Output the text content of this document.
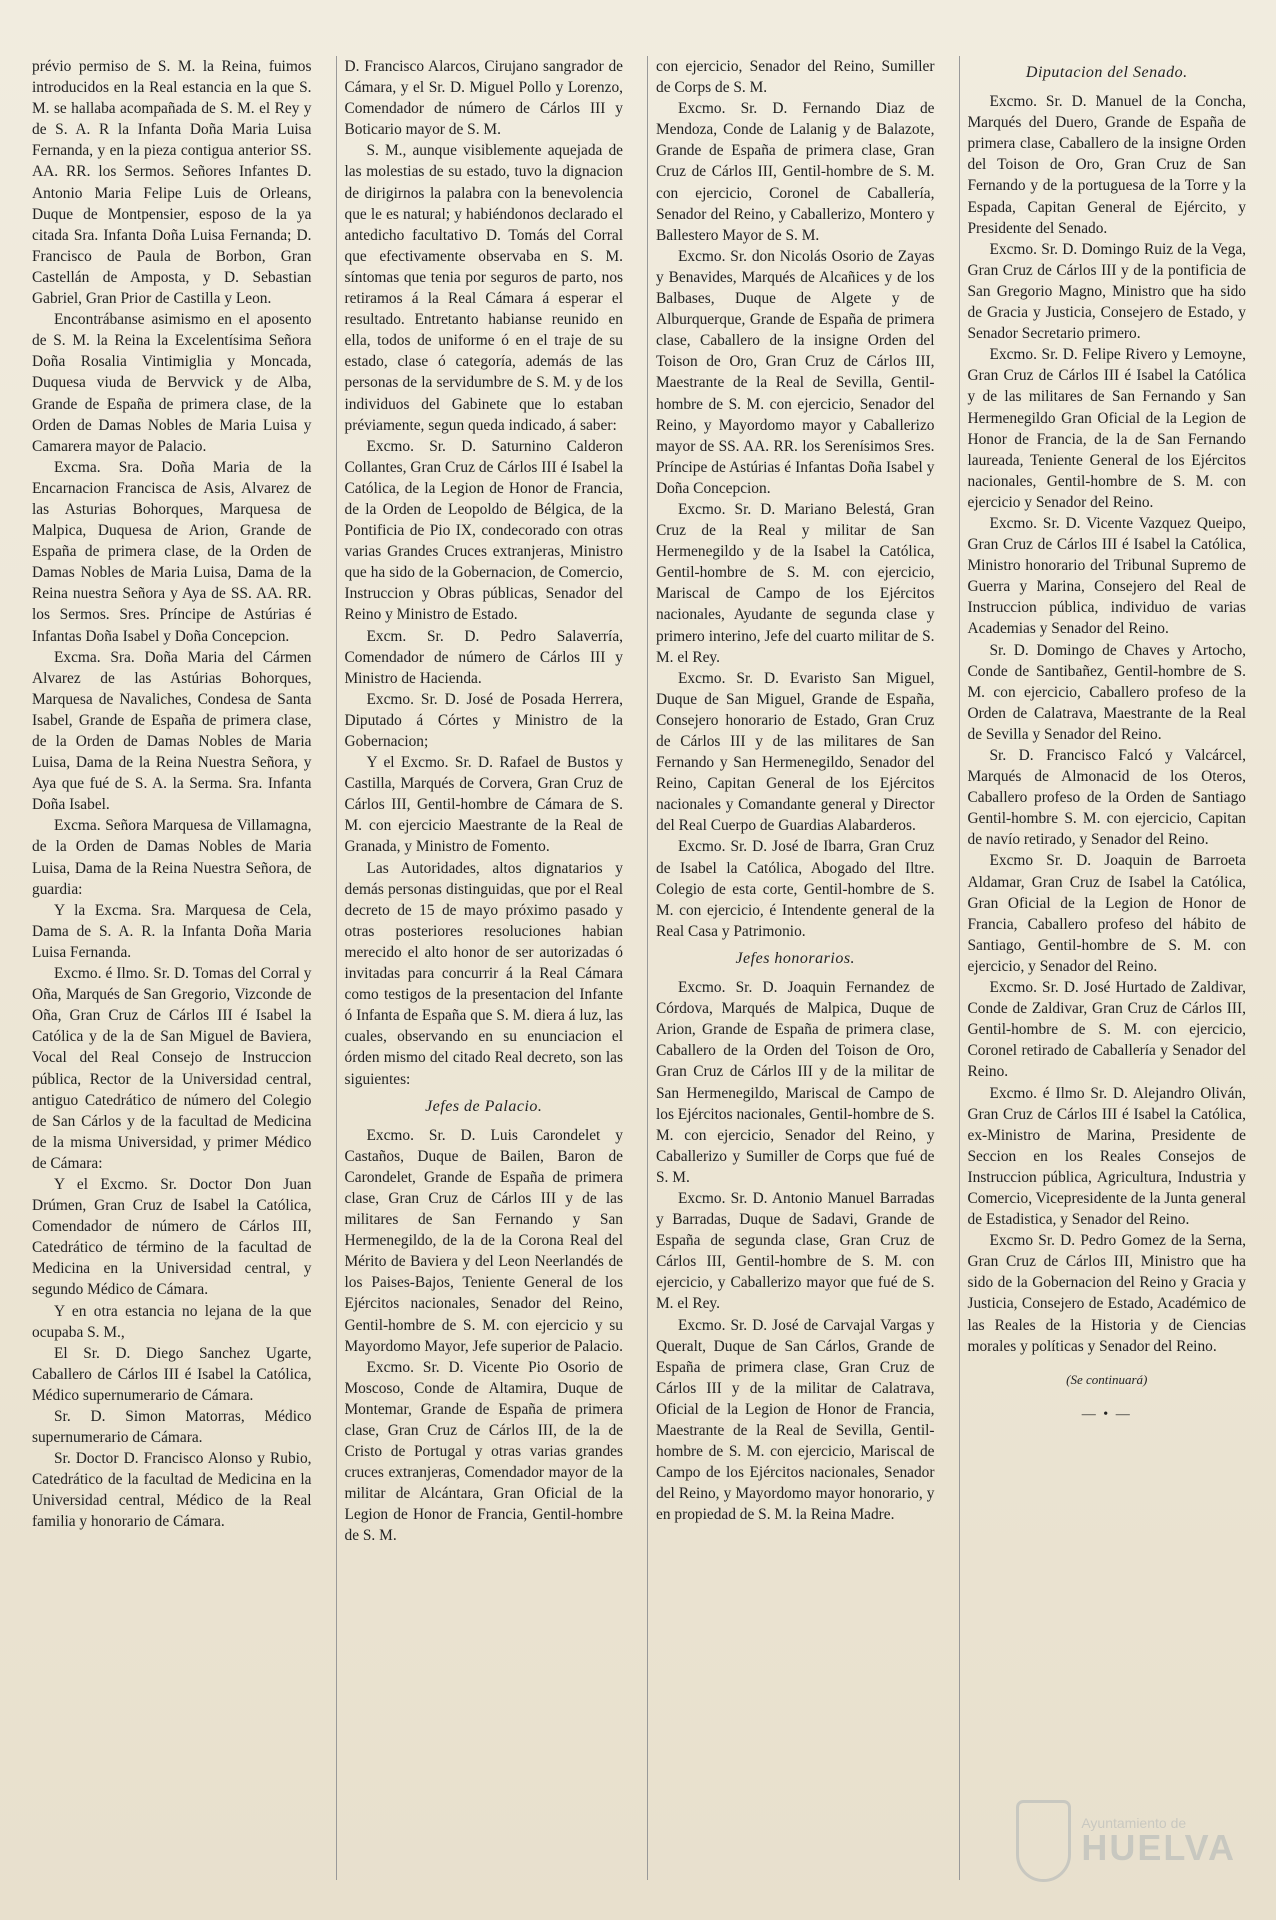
prévio permiso de S. M. la Reina, fuimos introducidos en la Real estancia en la que S. M. se hallaba acompañada de S. M. el Rey y de S. A. R la Infanta Doña Maria Luisa Fernanda, y en la pieza contigua anterior SS. AA. RR. los Sermos. Señores Infantes D. Antonio Maria Felipe Luis de Orleans, Duque de Montpensier, esposo de la ya citada Sra. Infanta Doña Luisa Fernanda; D. Francisco de Paula de Borbon, Gran Castellán de Amposta, y D. Sebastian Gabriel, Gran Prior de Castilla y Leon.

Encontrábanse asimismo en el aposento de S. M. la Reina la Excelentísima Señora Doña Rosalia Vintimiglia y Moncada, Duquesa viuda de Bervvick y de Alba, Grande de España de primera clase, de la Orden de Damas Nobles de Maria Luisa y Camarera mayor de Palacio.

Excma. Sra. Doña Maria de la Encarnacion Francisca de Asis, Alvarez de las Asturias Bohorques, Marquesa de Malpica, Duquesa de Arion, Grande de España de primera clase, de la Orden de Damas Nobles de Maria Luisa, Dama de la Reina nuestra Señora y Aya de SS. AA. RR. los Sermos. Sres. Príncipe de Astúrias é Infantas Doña Isabel y Doña Concepcion.

Excma. Sra. Doña Maria del Cármen Alvarez de las Astúrias Bohorques, Marquesa de Navaliches, Condesa de Santa Isabel, Grande de España de primera clase, de la Orden de Damas Nobles de Maria Luisa, Dama de la Reina Nuestra Señora, y Aya que fué de S. A. la Serma. Sra. Infanta Doña Isabel.

Excma. Señora Marquesa de Villamagna, de la Orden de Damas Nobles de Maria Luisa, Dama de la Reina Nuestra Señora, de guardia:

Y la Excma. Sra. Marquesa de Cela, Dama de S. A. R. la Infanta Doña Maria Luisa Fernanda.

Excmo. é Ilmo. Sr. D. Tomas del Corral y Oña, Marqués de San Gregorio, Vizconde de Oña, Gran Cruz de Cárlos III é Isabel la Católica y de la de San Miguel de Baviera, Vocal del Real Consejo de Instruccion pública, Rector de la Universidad central, antiguo Catedrático de número del Colegio de San Cárlos y de la facultad de Medicina de la misma Universidad, y primer Médico de Cámara:

Y el Excmo. Sr. Doctor Don Juan Drúmen, Gran Cruz de Isabel la Católica, Comendador de número de Cárlos III, Catedrático de término de la facultad de Medicina en la Universidad central, y segundo Médico de Cámara.

Y en otra estancia no lejana de la que ocupaba S. M.,

El Sr. D. Diego Sanchez Ugarte, Caballero de Cárlos III é Isabel la Católica, Médico supernumerario de Cámara.

Sr. D. Simon Matorras, Médico supernumerario de Cámara.

Sr. Doctor D. Francisco Alonso y Rubio, Catedrático de la facultad de Medicina en la Universidad central, Médico de la Real familia y honorario de Cámara.

D. Francisco Alarcos, Cirujano sangrador de Cámara, y el Sr. D. Miguel Pollo y Lorenzo, Comendador de número de Cárlos III y Boticario mayor de S. M.

S. M., aunque visiblemente aquejada de las molestias de su estado, tuvo la dignacion de dirigirnos la palabra con la benevolencia que le es natural; y habiéndonos declarado el antedicho facultativo D. Tomás del Corral que efectivamente observaba en S. M. síntomas que tenia por seguros de parto, nos retiramos á la Real Cámara á esperar el resultado. Entretanto habianse reunido en ella, todos de uniforme ó en el traje de su estado, clase ó categoría, además de las personas de la servidumbre de S. M. y de los individuos del Gabinete que lo estaban préviamente, segun queda indicado, á saber:

Excmo. Sr. D. Saturnino Calderon Collantes, Gran Cruz de Cárlos III é Isabel la Católica, de la Legion de Honor de Francia, de la Orden de Leopoldo de Bélgica, de la Pontificia de Pio IX, condecorado con otras varias Grandes Cruces extranjeras, Ministro que ha sido de la Gobernacion, de Comercio, Instruccion y Obras públicas, Senador del Reino y Ministro de Estado.

Excm. Sr. D. Pedro Salaverría, Comendador de número de Cárlos III y Ministro de Hacienda.

Excmo. Sr. D. José de Posada Herrera, Diputado á Córtes y Ministro de la Gobernacion;

Y el Excmo. Sr. D. Rafael de Bustos y Castilla, Marqués de Corvera, Gran Cruz de Cárlos III, Gentil-hombre de Cámara de S. M. con ejercicio Maestrante de la Real de Granada, y Ministro de Fomento.

Las Autoridades, altos dignatarios y demás personas distinguidas, que por el Real decreto de 15 de mayo próximo pasado y otras posteriores resoluciones habian merecido el alto honor de ser autorizadas ó invitadas para concurrir á la Real Cámara como testigos de la presentacion del Infante ó Infanta de España que S. M. diera á luz, las cuales, observando en su enunciacion el órden mismo del citado Real decreto, son las siguientes:

Jefes de Palacio.

Excmo. Sr. D. Luis Carondelet y Castaños, Duque de Bailen, Baron de Carondelet, Grande de España de primera clase, Gran Cruz de Cárlos III y de las militares de San Fernando y San Hermenegildo, de la de la Corona Real del Mérito de Baviera y del Leon Neerlandés de los Paises-Bajos, Teniente General de los Ejércitos nacionales, Senador del Reino, Gentil-hombre de S. M. con ejercicio y su Mayordomo Mayor, Jefe superior de Palacio.

Excmo. Sr. D. Vicente Pio Osorio de Moscoso, Conde de Altamira, Duque de Montemar, Grande de España de primera clase, Gran Cruz de Cárlos III, de la de Cristo de Portugal y otras varias grandes cruces extranjeras, Comendador mayor de la militar de Alcántara, Gran Oficial de la Legion de Honor de Francia, Gentil-hombre de S. M.

con ejercicio, Senador del Reino, Sumiller de Corps de S. M.

Excmo. Sr. D. Fernando Diaz de Mendoza, Conde de Lalanig y de Balazote, Grande de España de primera clase, Gran Cruz de Cárlos III, Gentil-hombre de S. M. con ejercicio, Coronel de Caballería, Senador del Reino, y Caballerizo, Montero y Ballestero Mayor de S. M.

Excmo. Sr. don Nicolás Osorio de Zayas y Benavides, Marqués de Alcañices y de los Balbases, Duque de Algete y de Alburquerque, Grande de España de primera clase, Caballero de la insigne Orden del Toison de Oro, Gran Cruz de Cárlos III, Maestrante de la Real de Sevilla, Gentil-hombre de S. M. con ejercicio, Senador del Reino, y Mayordomo mayor y Caballerizo mayor de SS. AA. RR. los Serenísimos Sres. Príncipe de Astúrias é Infantas Doña Isabel y Doña Concepcion.

Excmo. Sr. D. Mariano Belestá, Gran Cruz de la Real y militar de San Hermenegildo y de la Isabel la Católica, Gentil-hombre de S. M. con ejercicio, Mariscal de Campo de los Ejércitos nacionales, Ayudante de segunda clase y primero interino, Jefe del cuarto militar de S. M. el Rey.

Excmo. Sr. D. Evaristo San Miguel, Duque de San Miguel, Grande de España, Consejero honorario de Estado, Gran Cruz de Cárlos III y de las militares de San Fernando y San Hermenegildo, Senador del Reino, Capitan General de los Ejércitos nacionales y Comandante general y Director del Real Cuerpo de Guardias Alabarderos.

Excmo. Sr. D. José de Ibarra, Gran Cruz de Isabel la Católica, Abogado del Iltre. Colegio de esta corte, Gentil-hombre de S. M. con ejercicio, é Intendente general de la Real Casa y Patrimonio.

Jefes honorarios.

Excmo. Sr. D. Joaquin Fernandez de Córdova, Marqués de Malpica, Duque de Arion, Grande de España de primera clase, Caballero de la Orden del Toison de Oro, Gran Cruz de Cárlos III y de la militar de San Hermenegildo, Mariscal de Campo de los Ejércitos nacionales, Gentil-hombre de S. M. con ejercicio, Senador del Reino, y Caballerizo y Sumiller de Corps que fué de S. M.

Excmo. Sr. D. Antonio Manuel Barradas y Barradas, Duque de Sadavi, Grande de España de segunda clase, Gran Cruz de Cárlos III, Gentil-hombre de S. M. con ejercicio, y Caballerizo mayor que fué de S. M. el Rey.

Excmo. Sr. D. José de Carvajal Vargas y Queralt, Duque de San Cárlos, Grande de España de primera clase, Gran Cruz de Cárlos III y de la militar de Calatrava, Oficial de la Legion de Honor de Francia, Maestrante de la Real de Sevilla, Gentil-hombre de S. M. con ejercicio, Mariscal de Campo de los Ejércitos nacionales, Senador del Reino, y Mayordomo mayor honorario, y en propiedad de S. M. la Reina Madre.

Diputacion del Senado.

Excmo. Sr. D. Manuel de la Concha, Marqués del Duero, Grande de España de primera clase, Caballero de la insigne Orden del Toison de Oro, Gran Cruz de San Fernando y de la portuguesa de la Torre y la Espada, Capitan General de Ejército, y Presidente del Senado.

Excmo. Sr. D. Domingo Ruiz de la Vega, Gran Cruz de Cárlos III y de la pontificia de San Gregorio Magno, Ministro que ha sido de Gracia y Justicia, Consejero de Estado, y Senador Secretario primero.

Excmo. Sr. D. Felipe Rivero y Lemoyne, Gran Cruz de Cárlos III é Isabel la Católica y de las militares de San Fernando y San Hermenegildo Gran Oficial de la Legion de Honor de Francia, de la de San Fernando laureada, Teniente General de los Ejércitos nacionales, Gentil-hombre de S. M. con ejercicio y Senador del Reino.

Excmo. Sr. D. Vicente Vazquez Queipo, Gran Cruz de Cárlos III é Isabel la Católica, Ministro honorario del Tribunal Supremo de Guerra y Marina, Consejero del Real de Instruccion pública, individuo de varias Academias y Senador del Reino.

Sr. D. Domingo de Chaves y Artocho, Conde de Santibañez, Gentil-hombre de S. M. con ejercicio, Caballero profeso de la Orden de Calatrava, Maestrante de la Real de Sevilla y Senador del Reino.

Sr. D. Francisco Falcó y Valcárcel, Marqués de Almonacid de los Oteros, Caballero profeso de la Orden de Santiago Gentil-hombre S. M. con ejercicio, Capitan de navío retirado, y Senador del Reino.

Excmo Sr. D. Joaquin de Barroeta Aldamar, Gran Cruz de Isabel la Católica, Gran Oficial de la Legion de Honor de Francia, Caballero profeso del hábito de Santiago, Gentil-hombre de S. M. con ejercicio, y Senador del Reino.

Excmo. Sr. D. José Hurtado de Zaldivar, Conde de Zaldivar, Gran Cruz de Cárlos III, Gentil-hombre de S. M. con ejercicio, Coronel retirado de Caballería y Senador del Reino.

Excmo. é Ilmo Sr. D. Alejandro Oliván, Gran Cruz de Cárlos III é Isabel la Católica, ex-Ministro de Marina, Presidente de Seccion en los Reales Consejos de Instruccion pública, Agricultura, Industria y Comercio, Vicepresidente de la Junta general de Estadistica, y Senador del Reino.

Excmo Sr. D. Pedro Gomez de la Serna, Gran Cruz de Cárlos III, Ministro que ha sido de la Gobernacion del Reino y Gracia y Justicia, Consejero de Estado, Académico de las Reales de la Historia y de Ciencias morales y políticas y Senador del Reino.

(Se continuará)
— • —
Ayuntamiento de
HUELVA
